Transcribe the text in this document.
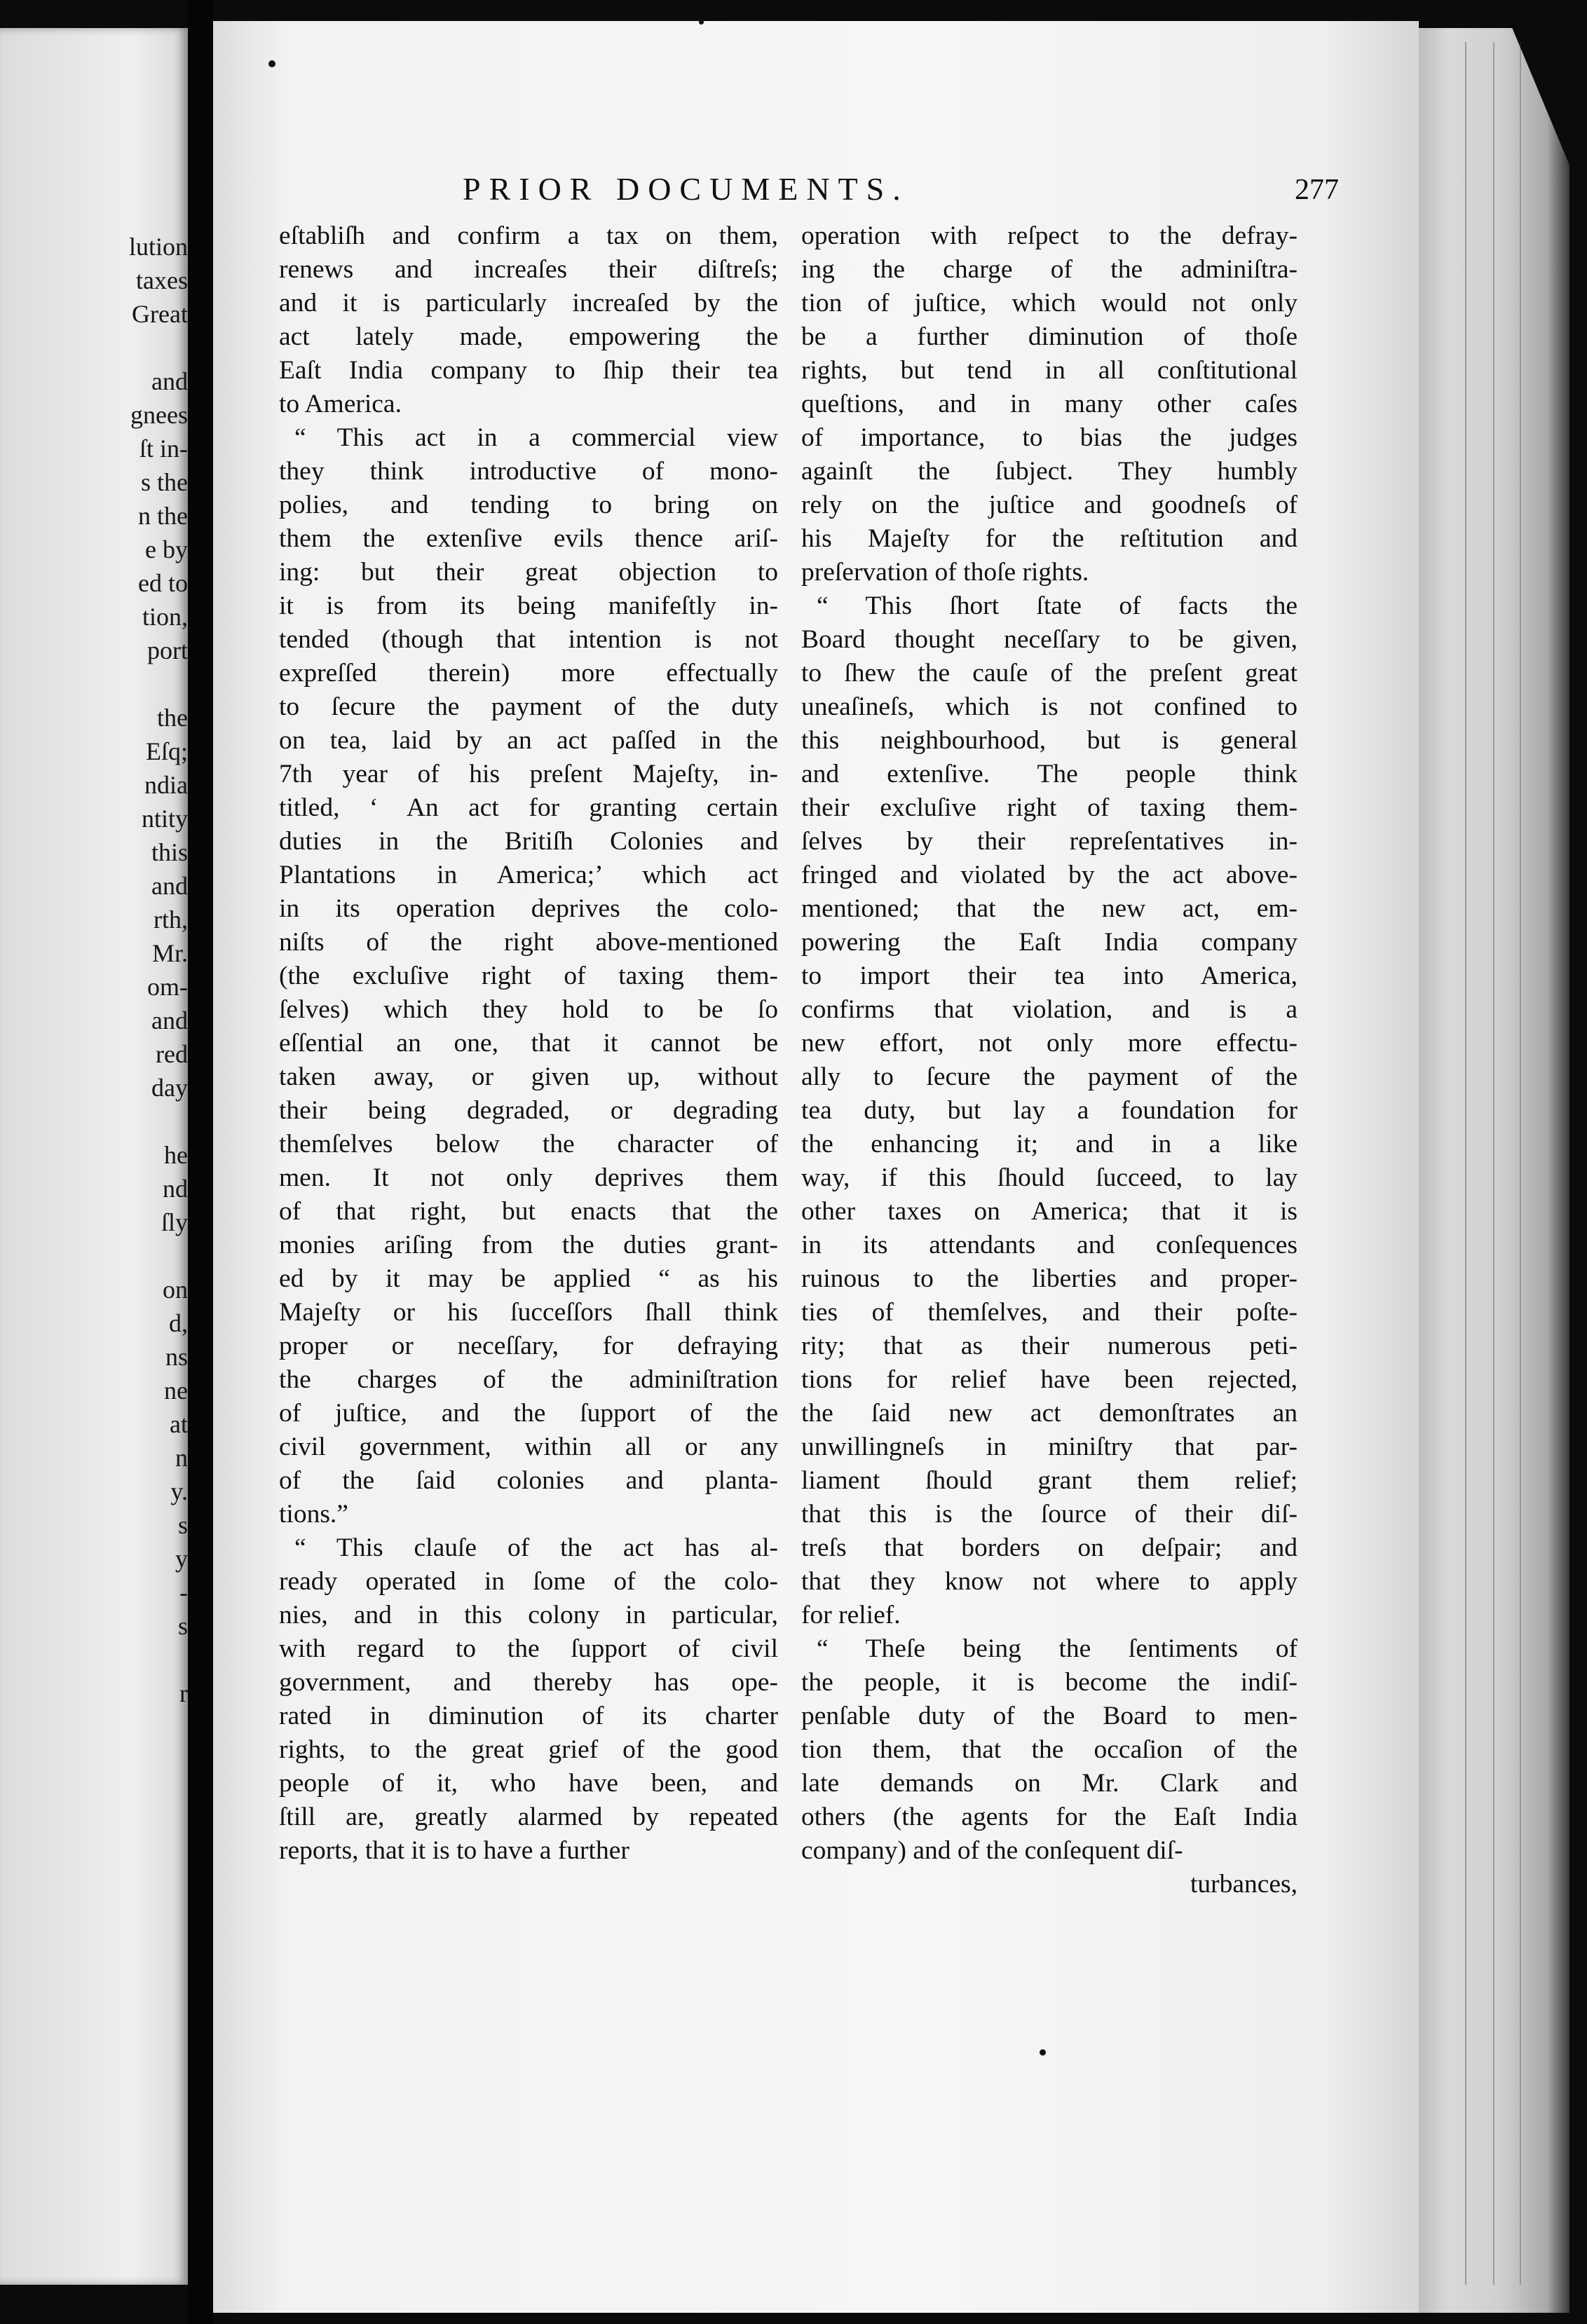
lution
taxes
Great
and
gnees
ſt in-
s the
n the
e by
ed to
tion,
port
the
Eſq;
ndia
ntity
this
and
rth,
Mr.
om-
and
red
day
he
nd
ſly
on
d,
ns
ne
at
n
y.
s
y
-
s
r
PRIOR DOCUMENTS.	277
eſtabliſh and confirm a tax on them,
renews and increaſes their diſtreſs;
and it is particularly increaſed by the
act lately made, empowering the
Eaſt India company to ſhip their tea
to America.
“ This act in a commercial view
they think introductive of mono-
polies, and tending to bring on
them the extenſive evils thence ariſ-
ing: but their great objection to
it is from its being manifeſtly in-
tended (though that intention is not
expreſſed therein) more effectually
to ſecure the payment of the duty
on tea, laid by an act paſſed in the
7th year of his preſent Majeſty, in-
titled, ‘ An act for granting certain
duties in the Britiſh Colonies and
Plantations in America;’ which act
in its operation deprives the colo-
niſts of the right above-mentioned
(the excluſive right of taxing them-
ſelves) which they hold to be ſo
eſſential an one, that it cannot be
taken away, or given up, without
their being degraded, or degrading
themſelves below the character of
men. It not only deprives them
of that right, but enacts that the
monies ariſing from the duties grant-
ed by it may be applied “ as his
Majeſty or his ſucceſſors ſhall think
proper or neceſſary, for defraying
the charges of the adminiſtration
of juſtice, and the ſupport of the
civil government, within all or any
of the ſaid colonies and planta-
tions.”
“ This clauſe of the act has al-
ready operated in ſome of the colo-
nies, and in this colony in particular,
with regard to the ſupport of civil
government, and thereby has ope-
rated in diminution of its charter
rights, to the great grief of the good
people of it, who have been, and
ſtill are, greatly alarmed by repeated
reports, that it is to have a further
operation with reſpect to the defray-
ing the charge of the adminiſtra-
tion of juſtice, which would not only
be a further diminution of thoſe
rights, but tend in all conſtitutional
queſtions, and in many other caſes
of importance, to bias the judges
againſt the ſubject. They humbly
rely on the juſtice and goodneſs of
his Majeſty for the reſtitution and
preſervation of thoſe rights.
“ This ſhort ſtate of facts the
Board thought neceſſary to be given,
to ſhew the cauſe of the preſent great
uneaſineſs, which is not confined to
this neighbourhood, but is general
and extenſive. The people think
their excluſive right of taxing them-
ſelves by their repreſentatives in-
fringed and violated by the act above-
mentioned; that the new act, em-
powering the Eaſt India company
to import their tea into America,
confirms that violation, and is a
new effort, not only more effectu-
ally to ſecure the payment of the
tea duty, but lay a foundation for
the enhancing it; and in a like
way, if this ſhould ſucceed, to lay
other taxes on America; that it is
in its attendants and conſequences
ruinous to the liberties and proper-
ties of themſelves, and their poſte-
rity; that as their numerous peti-
tions for relief have been rejected,
the ſaid new act demonſtrates an
unwillingneſs in miniſtry that par-
liament ſhould grant them relief;
that this is the ſource of their diſ-
treſs that borders on deſpair; and
that they know not where to apply
for relief.
“ Theſe being the ſentiments of
the people, it is become the indiſ-
penſable duty of the Board to men-
tion them, that the occaſion of the
late demands on Mr. Clark and
others (the agents for the Eaſt India
company) and of the conſequent diſ-
turbances,
